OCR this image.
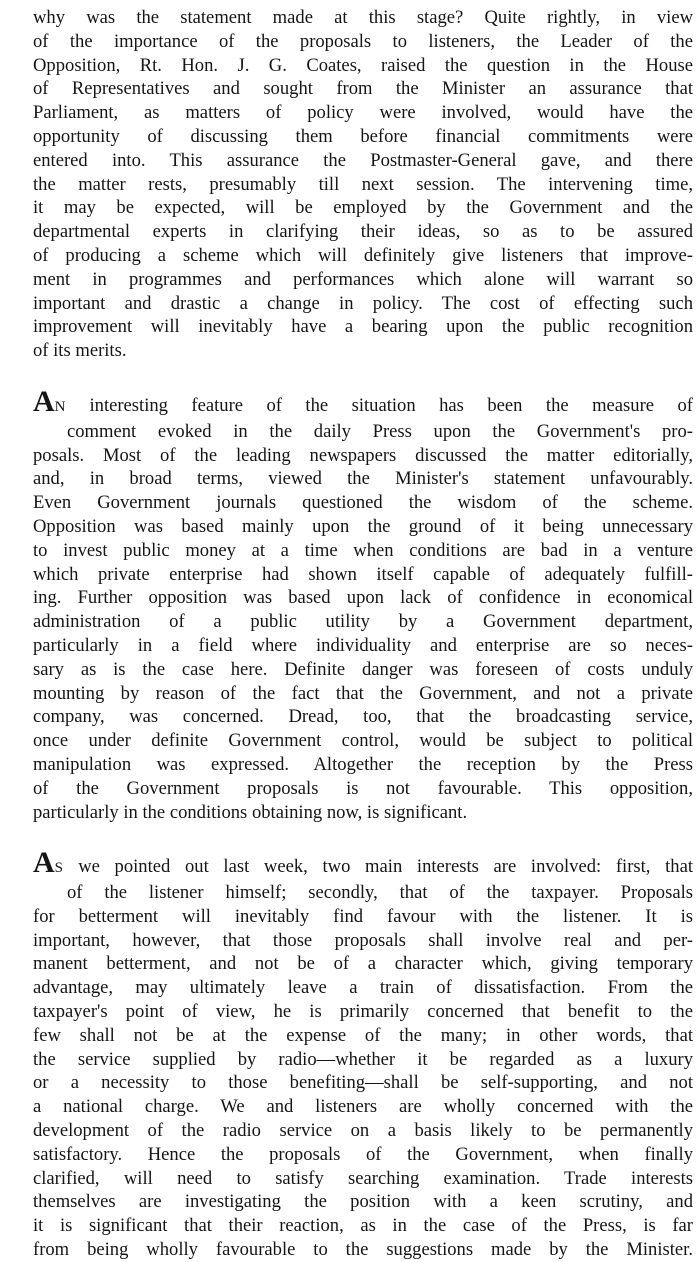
why was the statement made at this stage? Quite rightly, in view
of the importance of the proposals to listeners, the Leader of the
Opposition, Rt. Hon. J. G. Coates, raised the question in the House
of Representatives and sought from the Minister an assurance that
Parliament, as matters of policy were involved, would have the
opportunity of discussing them before financial commitments were
entered into. This assurance the Postmaster-General gave, and there
the matter rests, presumably till next session. The intervening time,
it may be expected, will be employed by the Government and the
departmental experts in clarifying their ideas, so as to be assured
of producing a scheme which will definitely give listeners that improve-
ment in programmes and performances which alone will warrant so
important and drastic a change in policy. The cost of effecting such
improvement will inevitably have a bearing upon the public recognition
of its merits.
AN interesting feature of the situation has been the measure of
comment evoked in the daily Press upon the Government's pro-
posals. Most of the leading newspapers discussed the matter editorially,
and, in broad terms, viewed the Minister's statement unfavourably.
Even Government journals questioned the wisdom of the scheme.
Opposition was based mainly upon the ground of it being unnecessary
to invest public money at a time when conditions are bad in a venture
which private enterprise had shown itself capable of adequately fulfill-
ing. Further opposition was based upon lack of confidence in economical
administration of a public utility by a Government department,
particularly in a field where individuality and enterprise are so neces-
sary as is the case here. Definite danger was foreseen of costs unduly
mounting by reason of the fact that the Government, and not a private
company, was concerned. Dread, too, that the broadcasting service,
once under definite Government control, would be subject to political
manipulation was expressed. Altogether the reception by the Press
of the Government proposals is not favourable. This opposition,
particularly in the conditions obtaining now, is significant.
AS we pointed out last week, two main interests are involved: first, that
of the listener himself; secondly, that of the taxpayer. Proposals
for betterment will inevitably find favour with the listener. It is
important, however, that those proposals shall involve real and per-
manent betterment, and not be of a character which, giving temporary
advantage, may ultimately leave a train of dissatisfaction. From the
taxpayer's point of view, he is primarily concerned that benefit to the
few shall not be at the expense of the many; in other words, that
the service supplied by radio—whether it be regarded as a luxury
or a necessity to those benefiting—shall be self-supporting, and not
a national charge. We and listeners are wholly concerned with the
development of the radio service on a basis likely to be permanently
satisfactory. Hence the proposals of the Government, when finally
clarified, will need to satisfy searching examination. Trade interests
themselves are investigating the position with a keen scrutiny, and
it is significant that their reaction, as in the case of the Press, is far
from being wholly favourable to the suggestions made by the Minister.
